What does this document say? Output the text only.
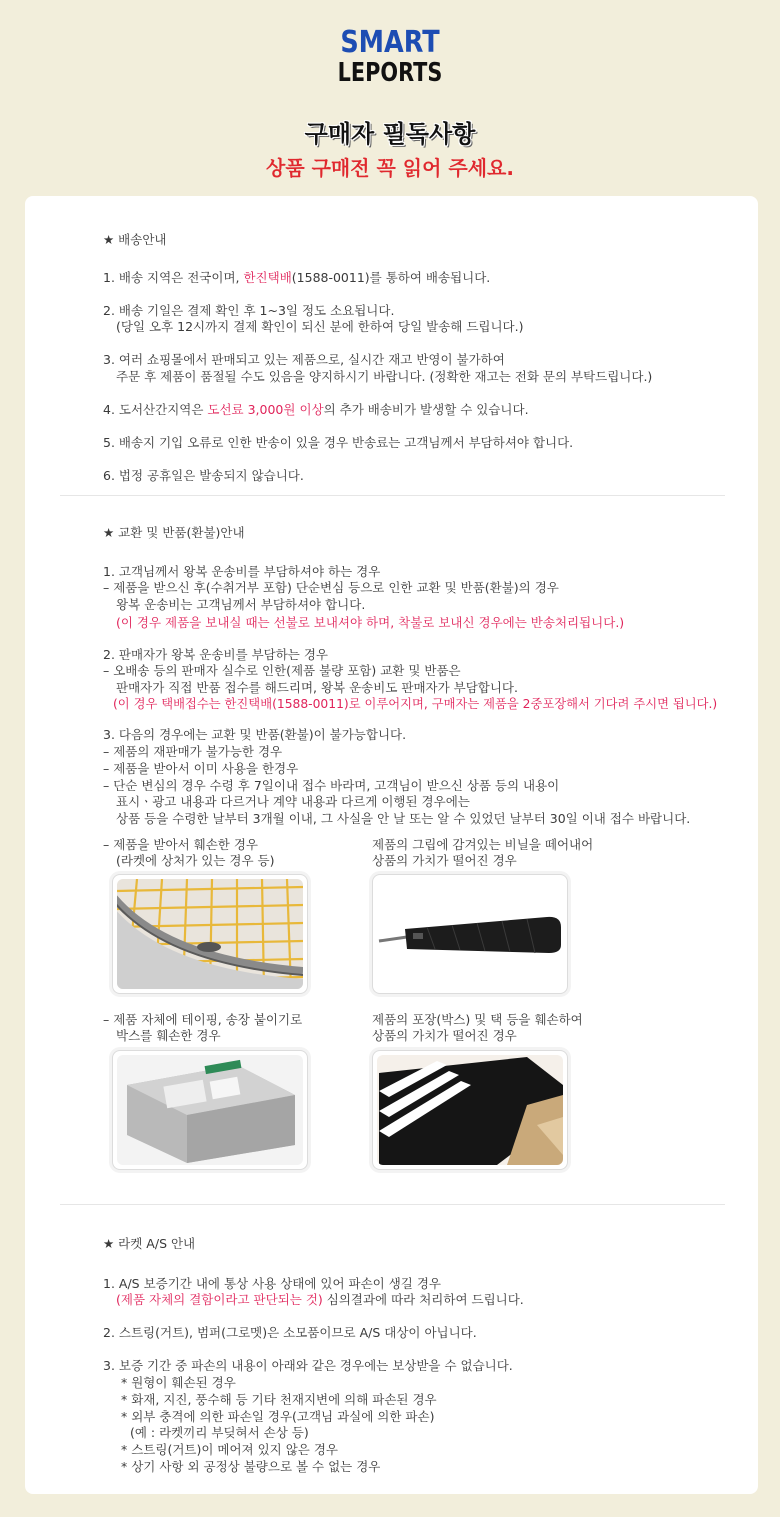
SMART
LEPORTS
구매자 필독사항
상품 구매전 꼭 읽어 주세요.
★ 배송안내
1. 배송 지역은 전국이며, 한진택배(1588-0011)를 통하여 배송됩니다.
2. 배송 기일은 결제 확인 후 1~3일 정도 소요됩니다.
(당일 오후 12시까지 결제 확인이 되신 분에 한하여 당일 발송해 드립니다.)
3. 여러 쇼핑몰에서 판매되고 있는 제품으로, 실시간 재고 반영이 불가하여
주문 후 제품이 품절될 수도 있음을 양지하시기 바랍니다. (정확한 재고는 전화 문의 부탁드립니다.)
4. 도서산간지역은 도선료 3,000원 이상의 추가 배송비가 발생할 수 있습니다.
5. 배송지 기입 오류로 인한 반송이 있을 경우 반송료는 고객님께서 부담하셔야 합니다.
6. 법정 공휴일은 발송되지 않습니다.
★ 교환 및 반품(환불)안내
1. 고객님께서 왕복 운송비를 부담하셔야 하는 경우
– 제품을 받으신 후(수취거부 포함) 단순변심 등으로 인한 교환 및 반품(환불)의 경우
왕복 운송비는 고객님께서 부담하셔야 합니다.
(이 경우 제품을 보내실 때는 선불로 보내셔야 하며, 착불로 보내신 경우에는 반송처리됩니다.)
2. 판매자가 왕복 운송비를 부담하는 경우
– 오배송 등의 판매자 실수로 인한(제품 불량 포함) 교환 및 반품은
판매자가 직접 반품 접수를 해드리며, 왕복 운송비도 판매자가 부담합니다.
(이 경우 택배접수는 한진택배(1588-0011)로 이루어지며, 구매자는 제품을 2중포장해서 기다려 주시면 됩니다.)
3. 다음의 경우에는 교환 및 반품(환불)이 불가능합니다.
– 제품의 재판매가 불가능한 경우
– 제품을 받아서 이미 사용을 한경우
– 단순 변심의 경우 수령 후 7일이내 접수 바라며, 고객님이 받으신 상품 등의 내용이
표시ㆍ광고 내용과 다르거나 계약 내용과 다르게 이행된 경우에는
상품 등을 수령한 날부터 3개월 이내, 그 사실을 안 날 또는 알 수 있었던 날부터 30일 이내 접수 바랍니다.
– 제품을 받아서 훼손한 경우
(라켓에 상처가 있는 경우 등)
제품의 그립에 감겨있는 비닐을 떼어내어
상품의 가치가 떨어진 경우
– 제품 자체에 테이핑, 송장 붙이기로
박스를 훼손한 경우
제품의 포장(박스) 및 택 등을 훼손하여
상품의 가치가 떨어진 경우
★ 라켓 A/S 안내
1. A/S 보증기간 내에 통상 사용 상태에 있어 파손이 생길 경우
(제품 자체의 결함이라고 판단되는 것) 심의결과에 따라 처리하여 드립니다.
2. 스트링(거트), 범퍼(그로멧)은 소모품이므로 A/S 대상이 아닙니다.
3. 보증 기간 중 파손의 내용이 아래와 같은 경우에는 보상받을 수 없습니다.
* 원형이 훼손된 경우
* 화재, 지진, 풍수해 등 기타 천재지변에 의해 파손된 경우
* 외부 충격에 의한 파손일 경우(고객님 과실에 의한 파손)
(예 : 라켓끼리 부딪혀서 손상 등)
* 스트링(거트)이 메어져 있지 않은 경우
* 상기 사항 외 공정상 불량으로 볼 수 없는 경우
